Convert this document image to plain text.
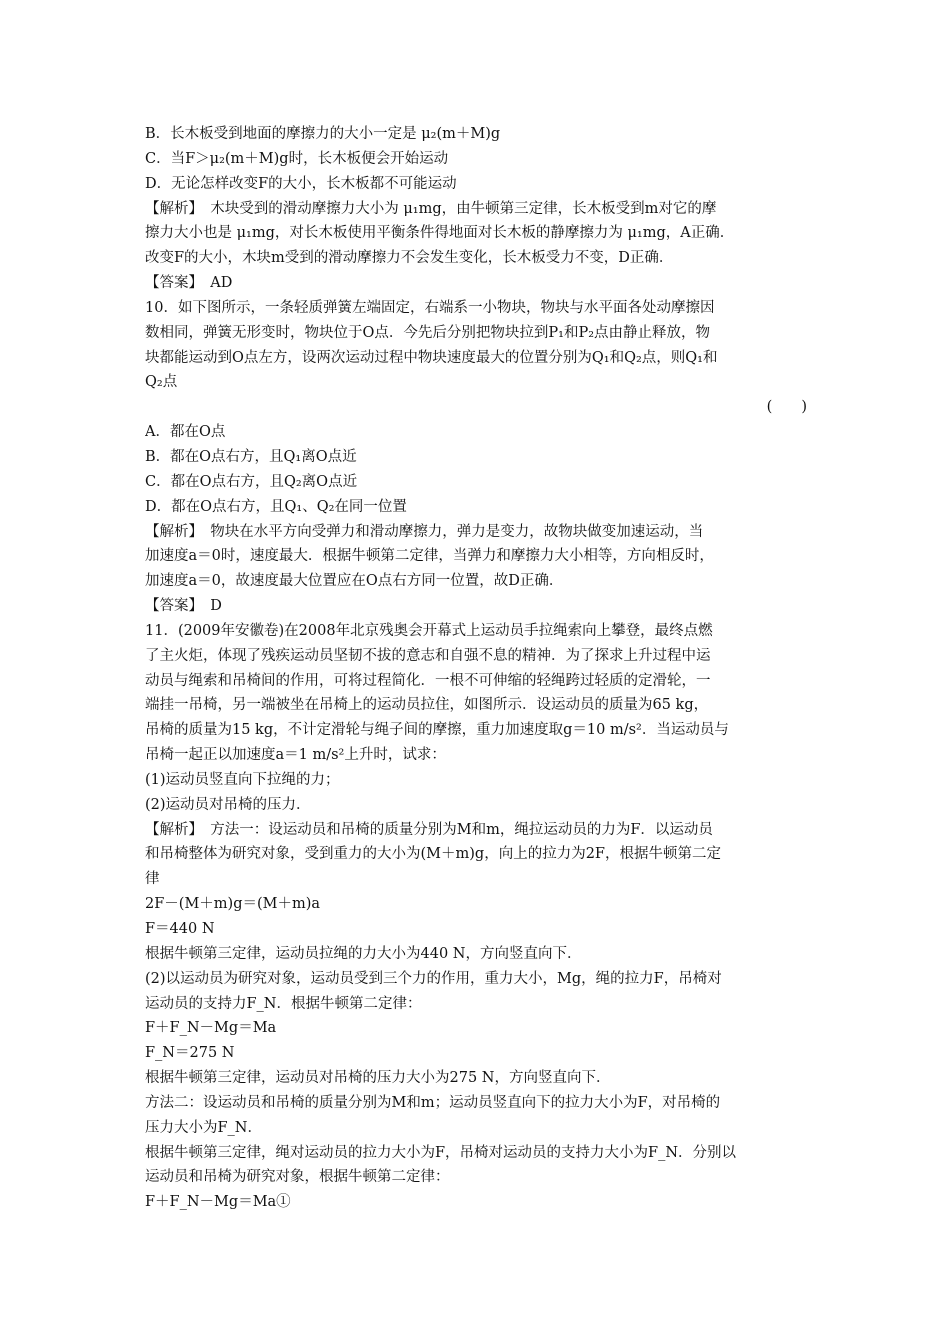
B．长木板受到地面的摩擦力的大小一定是 μ₂(m＋M)g
C．当F＞μ₂(m＋M)g时，长木板便会开始运动
D．无论怎样改变F的大小，长木板都不可能运动
【解析】　木块受到的滑动摩擦力大小为 μ₁mg，由牛顿第三定律，长木板受到m对它的摩
擦力大小也是 μ₁mg，对长木板使用平衡条件得地面对长木板的静摩擦力为 μ₁mg，A正确．
改变F的大小，木块m受到的滑动摩擦力不会发生变化，长木板受力不变，D正确．
【答案】　AD
10．如下图所示，一条轻质弹簧左端固定，右端系一小物块，物块与水平面各处动摩擦因
数相同，弹簧无形变时，物块位于O点．今先后分别把物块拉到P₁和P₂点由静止释放，物
块都能运动到O点左方，设两次运动过程中物块速度最大的位置分别为Q₁和Q₂点，则Q₁和
Q₂点
(　　)
A．都在O点
B．都在O点右方，且Q₁离O点近
C．都在O点右方，且Q₂离O点近
D．都在O点右方，且Q₁、Q₂在同一位置
【解析】　物块在水平方向受弹力和滑动摩擦力，弹力是变力，故物块做变加速运动，当
加速度a＝0时，速度最大．根据牛顿第二定律，当弹力和摩擦力大小相等，方向相反时，
加速度a＝0，故速度最大位置应在O点右方同一位置，故D正确．
【答案】　D
11．(2009年安徽卷)在2008年北京残奥会开幕式上运动员手拉绳索向上攀登，最终点燃
了主火炬，体现了残疾运动员坚韧不拔的意志和自强不息的精神．为了探求上升过程中运
动员与绳索和吊椅间的作用，可将过程简化．一根不可伸缩的轻绳跨过轻质的定滑轮，一
端挂一吊椅，另一端被坐在吊椅上的运动员拉住，如图所示．设运动员的质量为65 kg，
吊椅的质量为15 kg，不计定滑轮与绳子间的摩擦，重力加速度取g＝10 m/s²．当运动员与
吊椅一起正以加速度a＝1 m/s²上升时，试求：
(1)运动员竖直向下拉绳的力；
(2)运动员对吊椅的压力．
【解析】　方法一：设运动员和吊椅的质量分别为M和m，绳拉运动员的力为F．以运动员
和吊椅整体为研究对象，受到重力的大小为(M＋m)g，向上的拉力为2F，根据牛顿第二定
律
2F－(M＋m)g＝(M＋m)a
F＝440 N
根据牛顿第三定律，运动员拉绳的力大小为440 N，方向竖直向下．
(2)以运动员为研究对象，运动员受到三个力的作用，重力大小，Mg，绳的拉力F，吊椅对
运动员的支持力F_N．根据牛顿第二定律：
F＋F_N－Mg＝Ma
F_N＝275 N
根据牛顿第三定律，运动员对吊椅的压力大小为275 N，方向竖直向下．
方法二：设运动员和吊椅的质量分别为M和m；运动员竖直向下的拉力大小为F，对吊椅的
压力大小为F_N．
根据牛顿第三定律，绳对运动员的拉力大小为F，吊椅对运动员的支持力大小为F_N．分别以
运动员和吊椅为研究对象，根据牛顿第二定律：
F＋F_N－Mg＝Ma①
